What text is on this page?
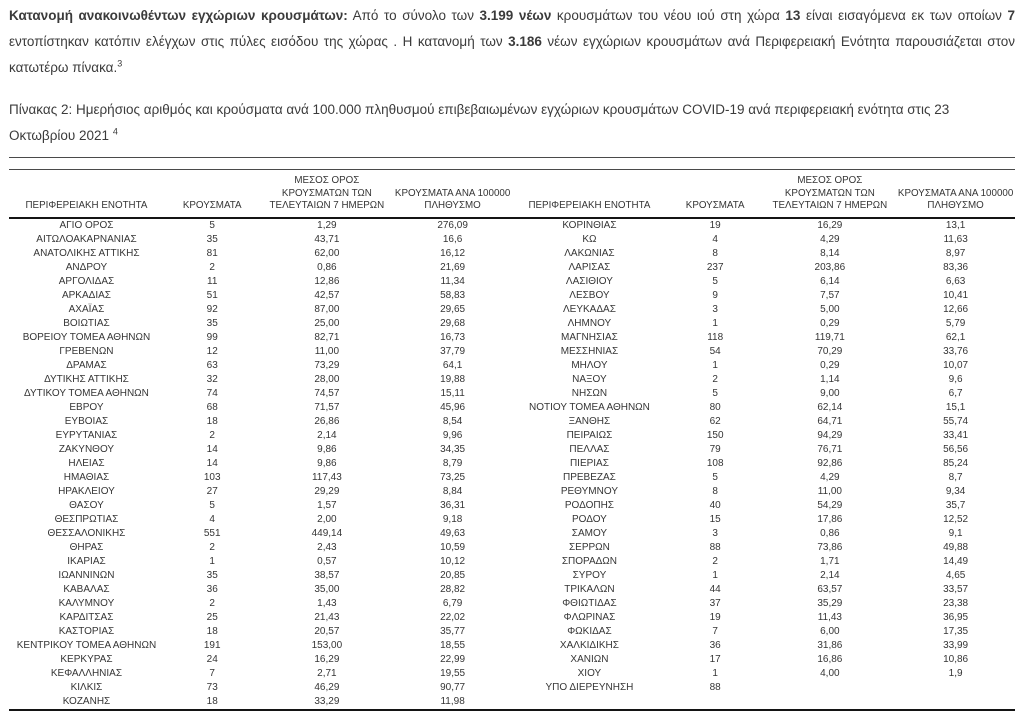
Κατανομή ανακοινωθέντων εγχώριων κρουσμάτων: Από το σύνολο των 3.199 νέων κρουσμάτων του νέου ιού στη χώρα 13 είναι εισαγόμενα εκ των οποίων 7 εντοπίστηκαν κατόπιν ελέγχων στις πύλες εισόδου της χώρας . Η κατανομή των 3.186 νέων εγχώριων κρουσμάτων ανά Περιφερειακή Ενότητα παρουσιάζεται στον κατωτέρω πίνακα.$^3$

Πίνακας 2: Ημερήσιος αριθμός και κρούσματα ανά 100.000 πληθυσμού επιβεβαιωμένων εγχώριων κρουσμάτων COVID-19 ανά περιφερειακή ενότητα στις 23 Οκτωβρίου 2021 $^4$

ΠΕΡΙΦΕΡΕΙΑΚΗ ΕΝΟΤΗΤΑ	ΚΡΟΥΣΜΑΤΑ	ΜΕΣΟΣ ΟΡΟΣ
ΚΡΟΥΣΜΑΤΩΝ ΤΩΝ
ΤΕΛΕΥΤΑΙΩΝ 7 ΗΜΕΡΩΝ	ΚΡΟΥΣΜΑΤΑ ΑΝΑ 100000
ΠΛΗΘΥΣΜΟ	ΠΕΡΙΦΕΡΕΙΑΚΗ ΕΝΟΤΗΤΑ	ΚΡΟΥΣΜΑΤΑ	ΜΕΣΟΣ ΟΡΟΣ
ΚΡΟΥΣΜΑΤΩΝ ΤΩΝ
ΤΕΛΕΥΤΑΙΩΝ 7 ΗΜΕΡΩΝ	ΚΡΟΥΣΜΑΤΑ ΑΝΑ 100000
ΠΛΗΘΥΣΜΟ
ΑΓΙΟ ΟΡΟΣ	5	1,29	276,09	ΚΟΡΙΝΘΙΑΣ	19	16,29	13,1
ΑΙΤΩΛΟΑΚΑΡΝΑΝΙΑΣ	35	43,71	16,6	ΚΩ	4	4,29	11,63
ΑΝΑΤΟΛΙΚΗΣ ΑΤΤΙΚΗΣ	81	62,00	16,12	ΛΑΚΩΝΙΑΣ	8	8,14	8,97
ΑΝΔΡΟΥ	2	0,86	21,69	ΛΑΡΙΣΑΣ	237	203,86	83,36
ΑΡΓΟΛΙΔΑΣ	11	12,86	11,34	ΛΑΣΙΘΙΟΥ	5	6,14	6,63
ΑΡΚΑΔΙΑΣ	51	42,57	58,83	ΛΕΣΒΟΥ	9	7,57	10,41
ΑΧΑΪΑΣ	92	87,00	29,65	ΛΕΥΚΑΔΑΣ	3	5,00	12,66
ΒΟΙΩΤΙΑΣ	35	25,00	29,68	ΛΗΜΝΟΥ	1	0,29	5,79
ΒΟΡΕΙΟΥ ΤΟΜΕΑ ΑΘΗΝΩΝ	99	82,71	16,73	ΜΑΓΝΗΣΙΑΣ	118	119,71	62,1
ΓΡΕΒΕΝΩΝ	12	11,00	37,79	ΜΕΣΣΗΝΙΑΣ	54	70,29	33,76
ΔΡΑΜΑΣ	63	73,29	64,1	ΜΗΛΟΥ	1	0,29	10,07
ΔΥΤΙΚΗΣ ΑΤΤΙΚΗΣ	32	28,00	19,88	ΝΑΞΟΥ	2	1,14	9,6
ΔΥΤΙΚΟΥ ΤΟΜΕΑ ΑΘΗΝΩΝ	74	74,57	15,11	ΝΗΣΩΝ	5	9,00	6,7
ΕΒΡΟΥ	68	71,57	45,96	ΝΟΤΙΟΥ ΤΟΜΕΑ ΑΘΗΝΩΝ	80	62,14	15,1
ΕΥΒΟΙΑΣ	18	26,86	8,54	ΞΑΝΘΗΣ	62	64,71	55,74
ΕΥΡΥΤΑΝΙΑΣ	2	2,14	9,96	ΠΕΙΡΑΙΩΣ	150	94,29	33,41
ΖΑΚΥΝΘΟΥ	14	9,86	34,35	ΠΕΛΛΑΣ	79	76,71	56,56
ΗΛΕΙΑΣ	14	9,86	8,79	ΠΙΕΡΙΑΣ	108	92,86	85,24
ΗΜΑΘΙΑΣ	103	117,43	73,25	ΠΡΕΒΕΖΑΣ	5	4,29	8,7
ΗΡΑΚΛΕΙΟΥ	27	29,29	8,84	ΡΕΘΥΜΝΟΥ	8	11,00	9,34
ΘΑΣΟΥ	5	1,57	36,31	ΡΟΔΟΠΗΣ	40	54,29	35,7
ΘΕΣΠΡΩΤΙΑΣ	4	2,00	9,18	ΡΟΔΟΥ	15	17,86	12,52
ΘΕΣΣΑΛΟΝΙΚΗΣ	551	449,14	49,63	ΣΑΜΟΥ	3	0,86	9,1
ΘΗΡΑΣ	2	2,43	10,59	ΣΕΡΡΩΝ	88	73,86	49,88
ΙΚΑΡΙΑΣ	1	0,57	10,12	ΣΠΟΡΑΔΩΝ	2	1,71	14,49
ΙΩΑΝΝΙΝΩΝ	35	38,57	20,85	ΣΥΡΟΥ	1	2,14	4,65
ΚΑΒΑΛΑΣ	36	35,00	28,82	ΤΡΙΚΑΛΩΝ	44	63,57	33,57
ΚΑΛΥΜΝΟΥ	2	1,43	6,79	ΦΘΙΩΤΙΔΑΣ	37	35,29	23,38
ΚΑΡΔΙΤΣΑΣ	25	21,43	22,02	ΦΛΩΡΙΝΑΣ	19	11,43	36,95
ΚΑΣΤΟΡΙΑΣ	18	20,57	35,77	ΦΩΚΙΔΑΣ	7	6,00	17,35
ΚΕΝΤΡΙΚΟΥ ΤΟΜΕΑ ΑΘΗΝΩΝ	191	153,00	18,55	ΧΑΛΚΙΔΙΚΗΣ	36	31,86	33,99
ΚΕΡΚΥΡΑΣ	24	16,29	22,99	ΧΑΝΙΩΝ	17	16,86	10,86
ΚΕΦΑΛΛΗΝΙΑΣ	7	2,71	19,55	ΧΙΟΥ	1	4,00	1,9
ΚΙΛΚΙΣ	73	46,29	90,77	ΥΠΟ ΔΙΕΡΕΥΝΗΣΗ	88		
ΚΟΖΑΝΗΣ	18	33,29	11,98				
